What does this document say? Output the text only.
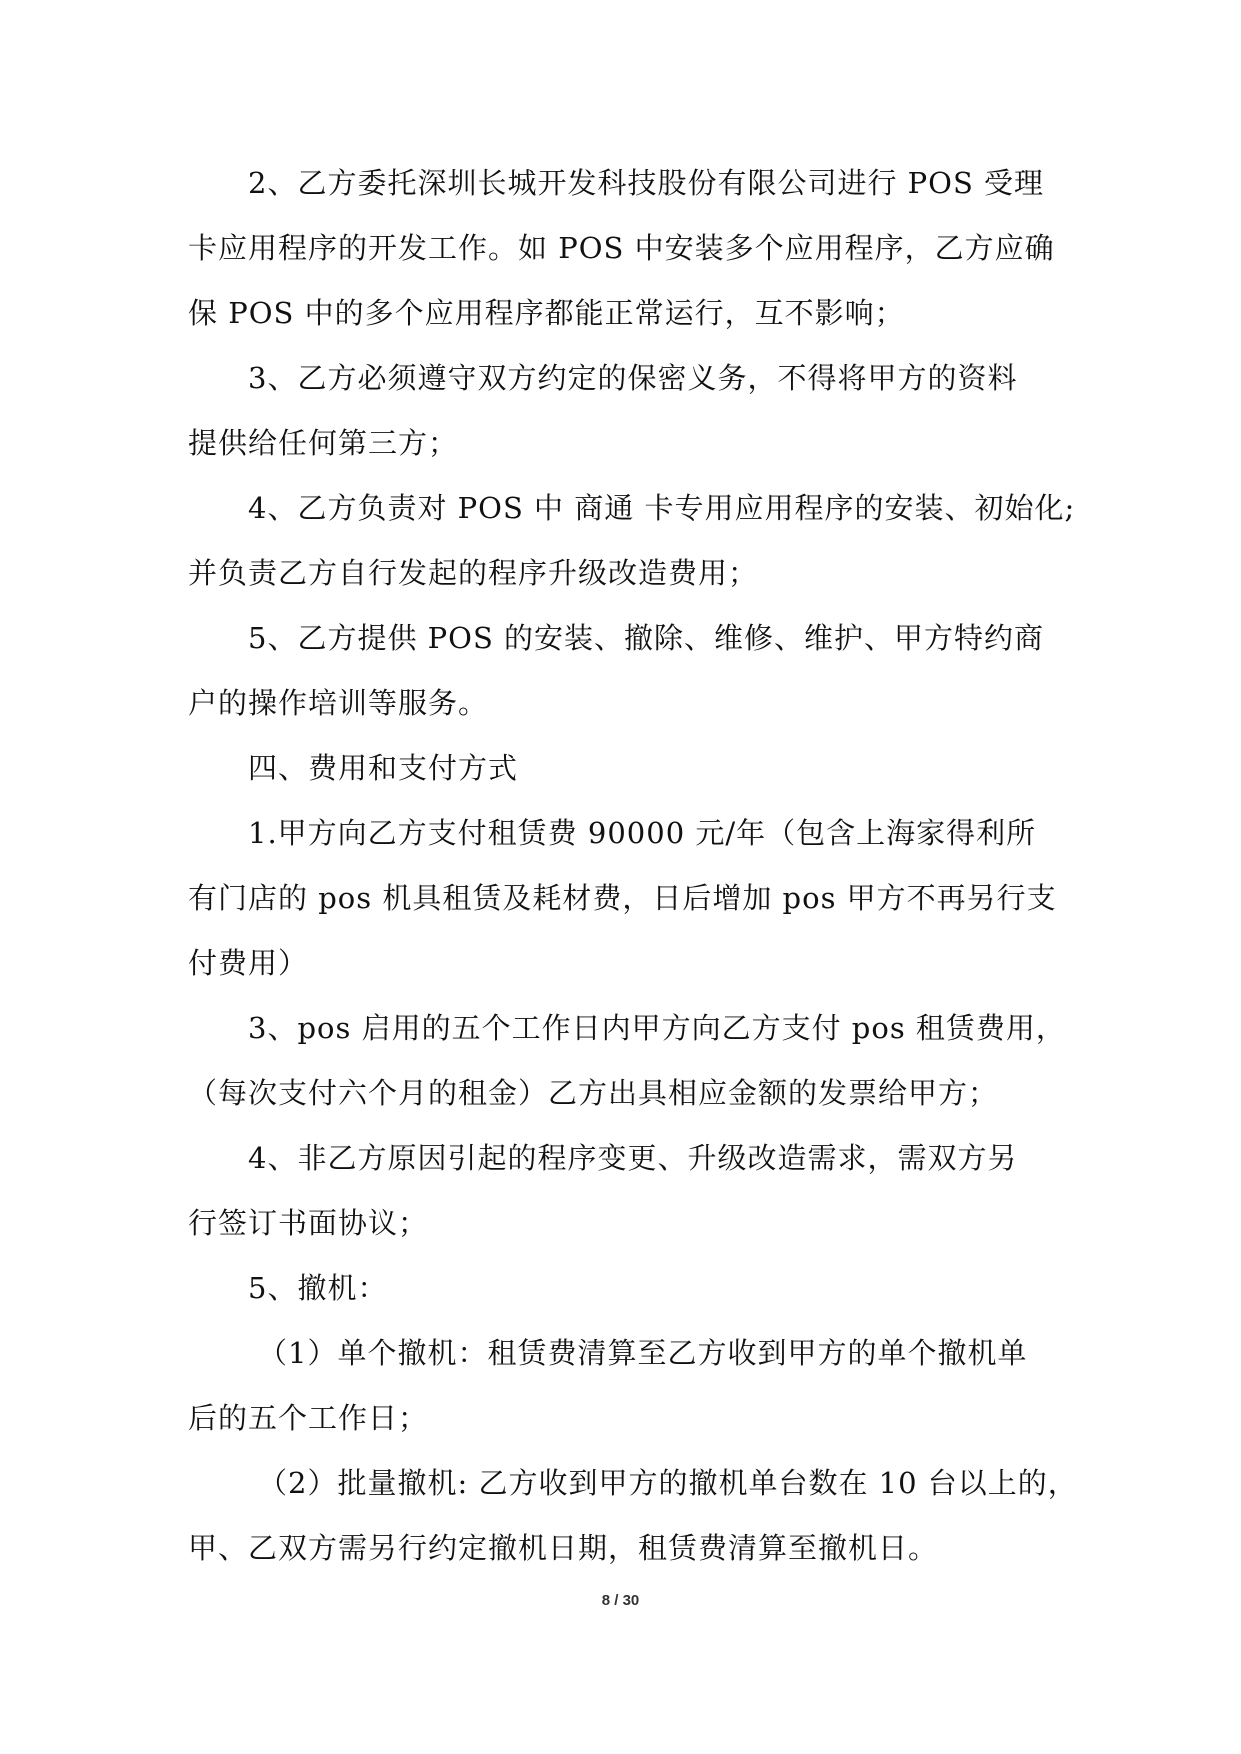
2、乙方委托深圳长城开发科技股份有限公司进行 POS 受理
卡应用程序的开发工作。如 POS 中安装多个应用程序，乙方应确
保 POS 中的多个应用程序都能正常运行，互不影响；
3、乙方必须遵守双方约定的保密义务，不得将甲方的资料
提供给任何第三方；
4、乙方负责对 POS 中 商通 卡专用应用程序的安装、初始化;
并负责乙方自行发起的程序升级改造费用；
5、乙方提供 POS 的安装、撤除、维修、维护、甲方特约商
户的操作培训等服务。
四、费用和支付方式
1.甲方向乙方支付租赁费 90000 元/年（包含上海家得利所
有门店的 pos 机具租赁及耗材费，日后增加 pos 甲方不再另行支
付费用）
3、pos 启用的五个工作日内甲方向乙方支付 pos 租赁费用，
（每次支付六个月的租金）乙方出具相应金额的发票给甲方；
4、非乙方原因引起的程序变更、升级改造需求，需双方另
行签订书面协议；
5、撤机：
（1）单个撤机：租赁费清算至乙方收到甲方的单个撤机单
后的五个工作日；
（2）批量撤机: 乙方收到甲方的撤机单台数在 10 台以上的，
甲、乙双方需另行约定撤机日期，租赁费清算至撤机日。
8 / 30
